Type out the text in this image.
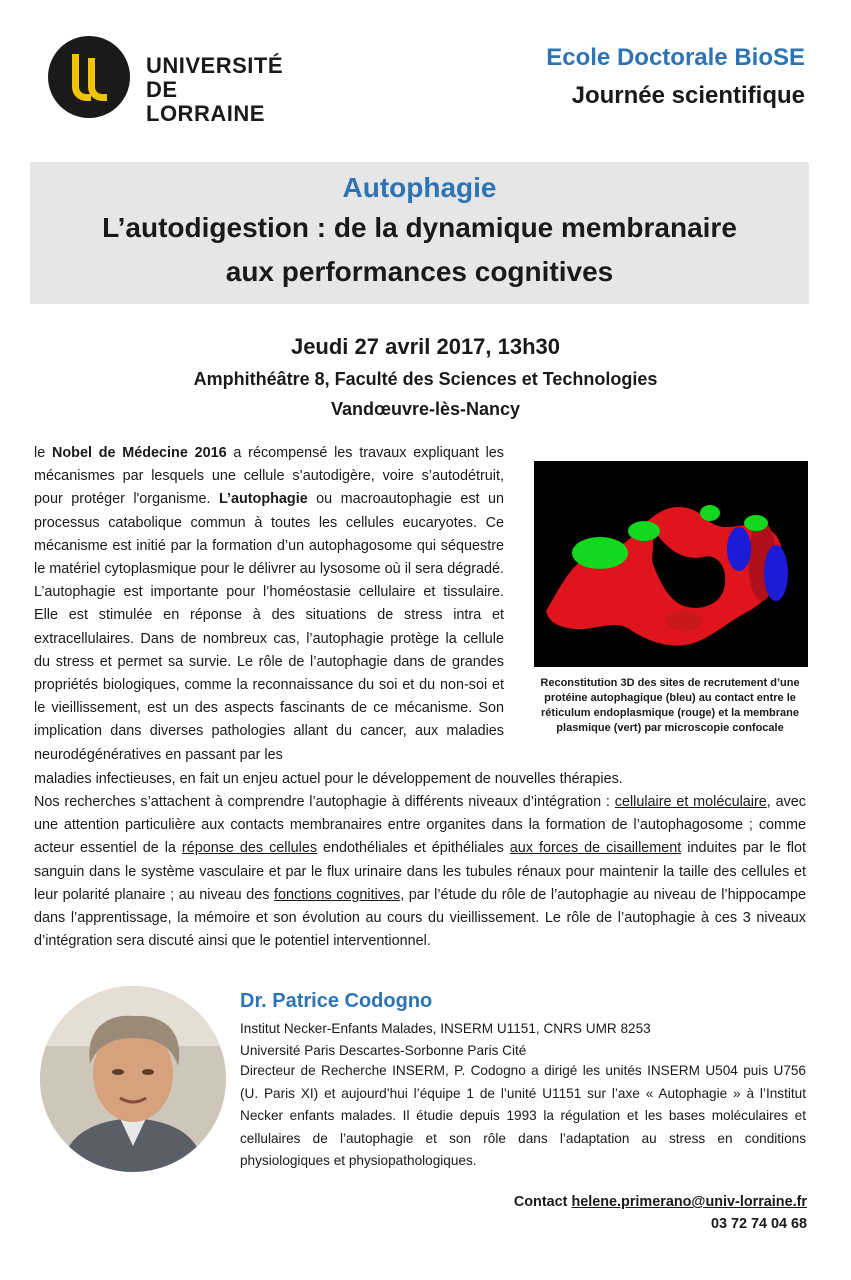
UNIVERSITÉ
DE LORRAINE
Ecole Doctorale BioSE
Journée scientifique
Autophagie
L’autodigestion : de la dynamique membranaire
aux performances cognitives
Jeudi 27 avril 2017, 13h30
Amphithéâtre 8, Faculté des Sciences et Technologies
Vandœuvre-lès-Nancy
le Nobel de Médecine 2016 a récompensé les travaux expliquant les mécanismes par lesquels une cellule s’autodigère, voire s’autodétruit, pour protéger l'organisme. L’autophagie ou macroautophagie est un processus catabolique commun à toutes les cellules eucaryotes. Ce mécanisme est initié par la formation d’un autophagosome qui séquestre le matériel cytoplasmique pour le délivrer au lysosome où il sera dégradé. L’autophagie est importante pour l’homéostasie cellulaire et tissulaire. Elle est stimulée en réponse à des situations de stress intra et extracellulaires. Dans de nombreux cas, l’autophagie protège la cellule du stress et permet sa survie. Le rôle de l’autophagie dans de grandes propriétés biologiques, comme la reconnaissance du soi et du non-soi et le vieillissement, est un des aspects fascinants de ce mécanisme. Son implication dans diverses pathologies allant du cancer, aux maladies neurodégénératives en passant par les
maladies infectieuses, en fait un enjeu actuel pour le développement de nouvelles thérapies.
Nos recherches s’attachent à comprendre l’autophagie à différents niveaux d’intégration : cellulaire et moléculaire, avec une attention particulière aux contacts membranaires entre organites dans la formation de l’autophagosome ; comme acteur essentiel de la réponse des cellules endothéliales et épithéliales aux forces de cisaillement induites par le flot sanguin dans le système vasculaire et par le flux urinaire dans les tubules rénaux pour maintenir la taille des cellules et leur polarité planaire ; au niveau des fonctions cognitives, par l’étude du rôle de l’autophagie au niveau de l’hippocampe dans l’apprentissage, la mémoire et son évolution au cours du vieillissement. Le rôle de l’autophagie à ces 3 niveaux d’intégration sera discuté ainsi que le potentiel interventionnel.
Reconstitution 3D des sites de recrutement d’une protéine autophagique (bleu) au contact entre le réticulum endoplasmique (rouge) et la membrane plasmique (vert) par microscopie confocale
Dr. Patrice Codogno
Institut Necker-Enfants Malades, INSERM U1151, CNRS UMR 8253
Université Paris Descartes-Sorbonne Paris Cité
Directeur de Recherche INSERM, P. Codogno a dirigé les unités INSERM U504 puis U756 (U. Paris XI) et aujourd’hui l’équipe 1 de l’unité U1151 sur l’axe « Autophagie » à l’Institut Necker enfants malades. Il étudie depuis 1993 la régulation et les bases moléculaires et cellulaires de l’autophagie et son rôle dans l’adaptation au stress en conditions physiologiques et physiopathologiques.
Contact helene.primerano@univ-lorraine.fr
03 72 74 04 68
